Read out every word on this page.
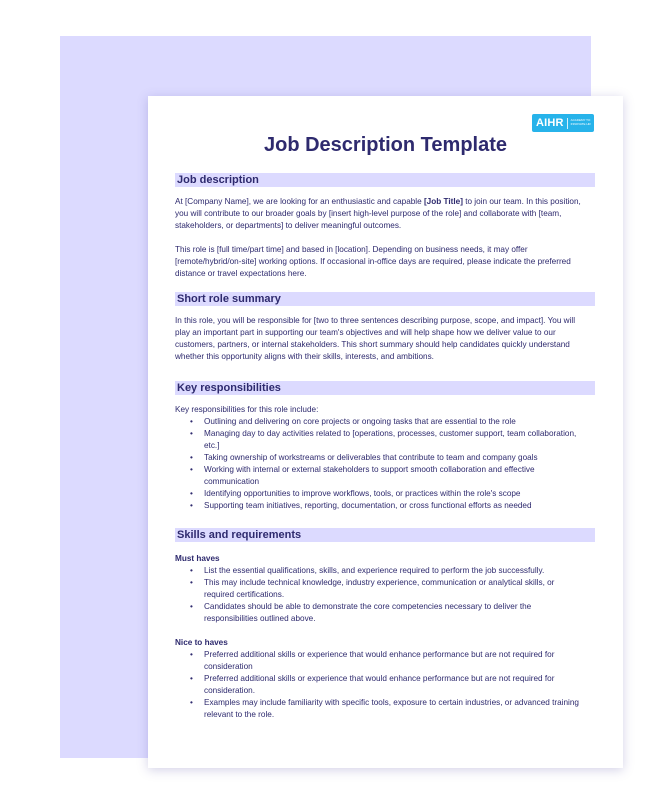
AIHR ACADEMY TO INNOVATE HR
Job Description Template
Job description

At [Company Name], we are looking for an enthusiastic and capable [Job Title] to join our team. In this position, you will contribute to our broader goals by [insert high-level purpose of the role] and collaborate with [team, stakeholders, or departments] to deliver meaningful outcomes.

This role is [full time/part time] and based in [location]. Depending on business needs, it may offer [remote/hybrid/on-site] working options. If occasional in-office days are required, please indicate the preferred distance or travel expectations here.

Short role summary

In this role, you will be responsible for [two to three sentences describing purpose, scope, and impact]. You will play an important part in supporting our team's objectives and will help shape how we deliver value to our customers, partners, or internal stakeholders. This short summary should help candidates quickly understand whether this opportunity aligns with their skills, interests, and ambitions.

Key responsibilities

Key responsibilities for this role include:

• Outlining and delivering on core projects or ongoing tasks that are essential to the role
• Managing day to day activities related to [operations, processes, customer support, team collaboration, etc.]
• Taking ownership of workstreams or deliverables that contribute to team and company goals
• Working with internal or external stakeholders to support smooth collaboration and effective communication
• Identifying opportunities to improve workflows, tools, or practices within the role's scope
• Supporting team initiatives, reporting, documentation, or cross functional efforts as needed
Skills and requirements

Must haves

• List the essential qualifications, skills, and experience required to perform the job successfully.
• This may include technical knowledge, industry experience, communication or analytical skills, or required certifications.
• Candidates should be able to demonstrate the core competencies necessary to deliver the responsibilities outlined above.

Nice to haves

• Preferred additional skills or experience that would enhance performance but are not required for consideration
• Preferred additional skills or experience that would enhance performance but are not required for consideration.
• Examples may include familiarity with specific tools, exposure to certain industries, or advanced training relevant to the role.
